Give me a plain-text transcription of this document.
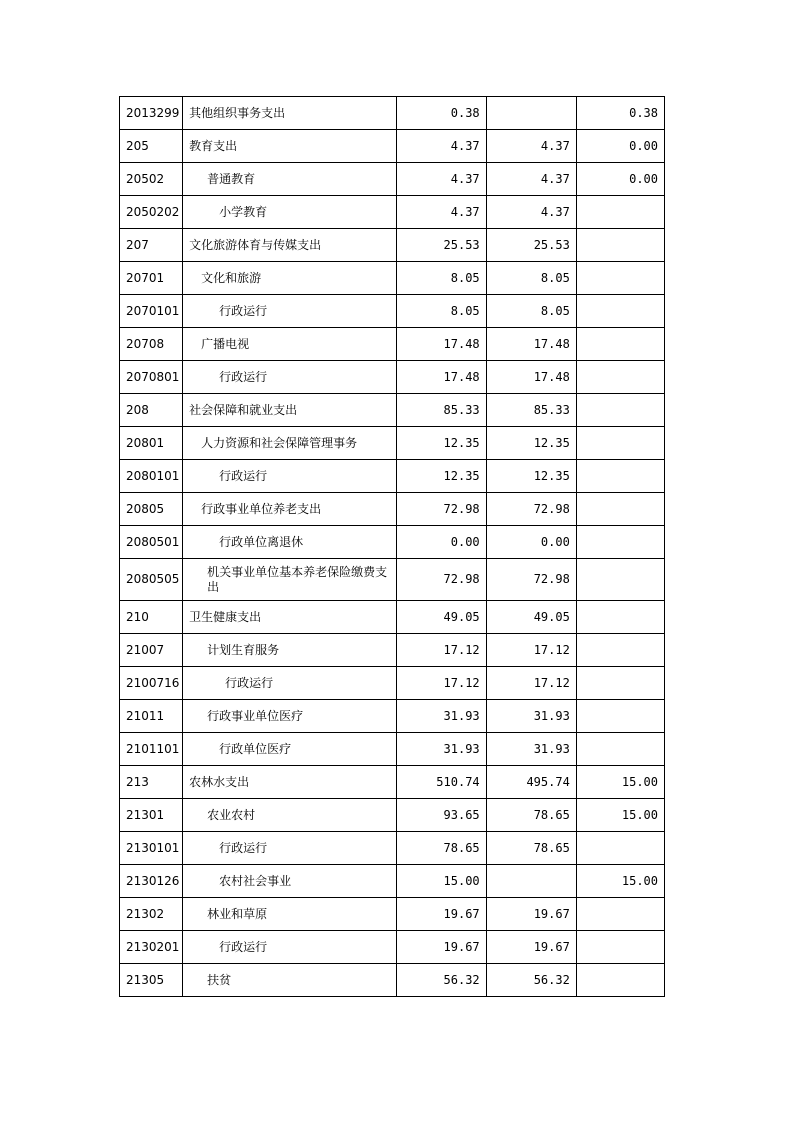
2013299	其他组织事务支出	0.38		0.38
205	教育支出	4.37	4.37	0.00
20502	普通教育	4.37	4.37	0.00
2050202	小学教育	4.37	4.37	
207	文化旅游体育与传媒支出	25.53	25.53	
20701	文化和旅游	8.05	8.05	
2070101	行政运行	8.05	8.05	
20708	广播电视	17.48	17.48	
2070801	行政运行	17.48	17.48	
208	社会保障和就业支出	85.33	85.33	
20801	人力资源和社会保障管理事务	12.35	12.35	
2080101	行政运行	12.35	12.35	
20805	行政事业单位养老支出	72.98	72.98	
2080501	行政单位离退休	0.00	0.00	
2080505	机关事业单位基本养老保险缴费支出	72.98	72.98	
210	卫生健康支出	49.05	49.05	
21007	计划生育服务	17.12	17.12	
2100716	行政运行	17.12	17.12	
21011	行政事业单位医疗	31.93	31.93	
2101101	行政单位医疗	31.93	31.93	
213	农林水支出	510.74	495.74	15.00
21301	农业农村	93.65	78.65	15.00
2130101	行政运行	78.65	78.65	
2130126	农村社会事业	15.00		15.00
21302	林业和草原	19.67	19.67	
2130201	行政运行	19.67	19.67	
21305	扶贫	56.32	56.32	
